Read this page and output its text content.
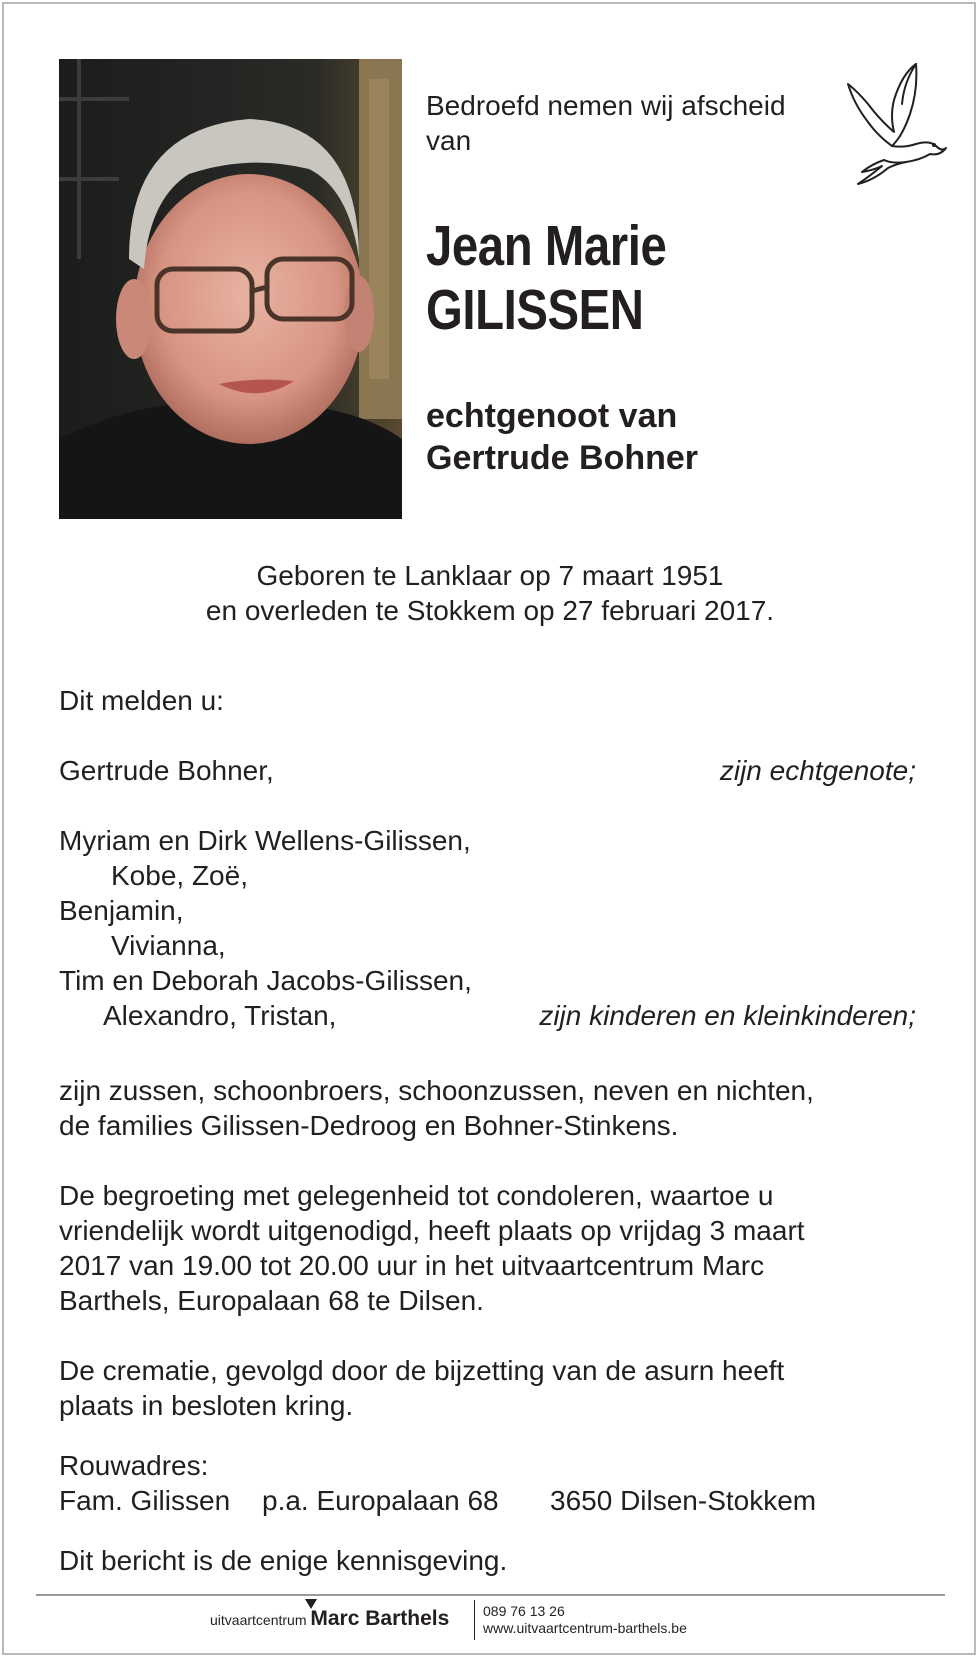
Bedroefd nemen wij afscheid
van
Jean Marie
GILISSEN
echtgenoot van
Gertrude Bohner
Geboren te Lanklaar op 7 maart 1951
en overleden te Stokkem op 27 februari 2017.
Dit melden u:
Gertrude Bohner,	zijn echtgenote;
Myriam en Dirk Wellens-Gilissen,
Kobe, Zoë,
Benjamin,
Vivianna,
Tim en Deborah Jacobs-Gilissen,
Alexandro, Tristan,	zijn kinderen en kleinkinderen;
zijn zussen, schoonbroers, schoonzussen, neven en nichten,
de families Gilissen-Dedroog en Bohner-Stinkens.
De begroeting met gelegenheid tot condoleren, waartoe u
vriendelijk wordt uitgenodigd, heeft plaats op vrijdag 3 maart
2017 van 19.00 tot 20.00 uur in het uitvaartcentrum Marc
Barthels, Europalaan 68 te Dilsen.
De crematie, gevolgd door de bijzetting van de asurn heeft
plaats in besloten kring.
Rouwadres:
Fam. Gilissen p.a. Europalaan 68 3650 Dilsen-Stokkem
Dit bericht is de enige kennisgeving.
uitvaartcentrum Marc Barthels 089 76 13 26
www.uitvaartcentrum-barthels.be
